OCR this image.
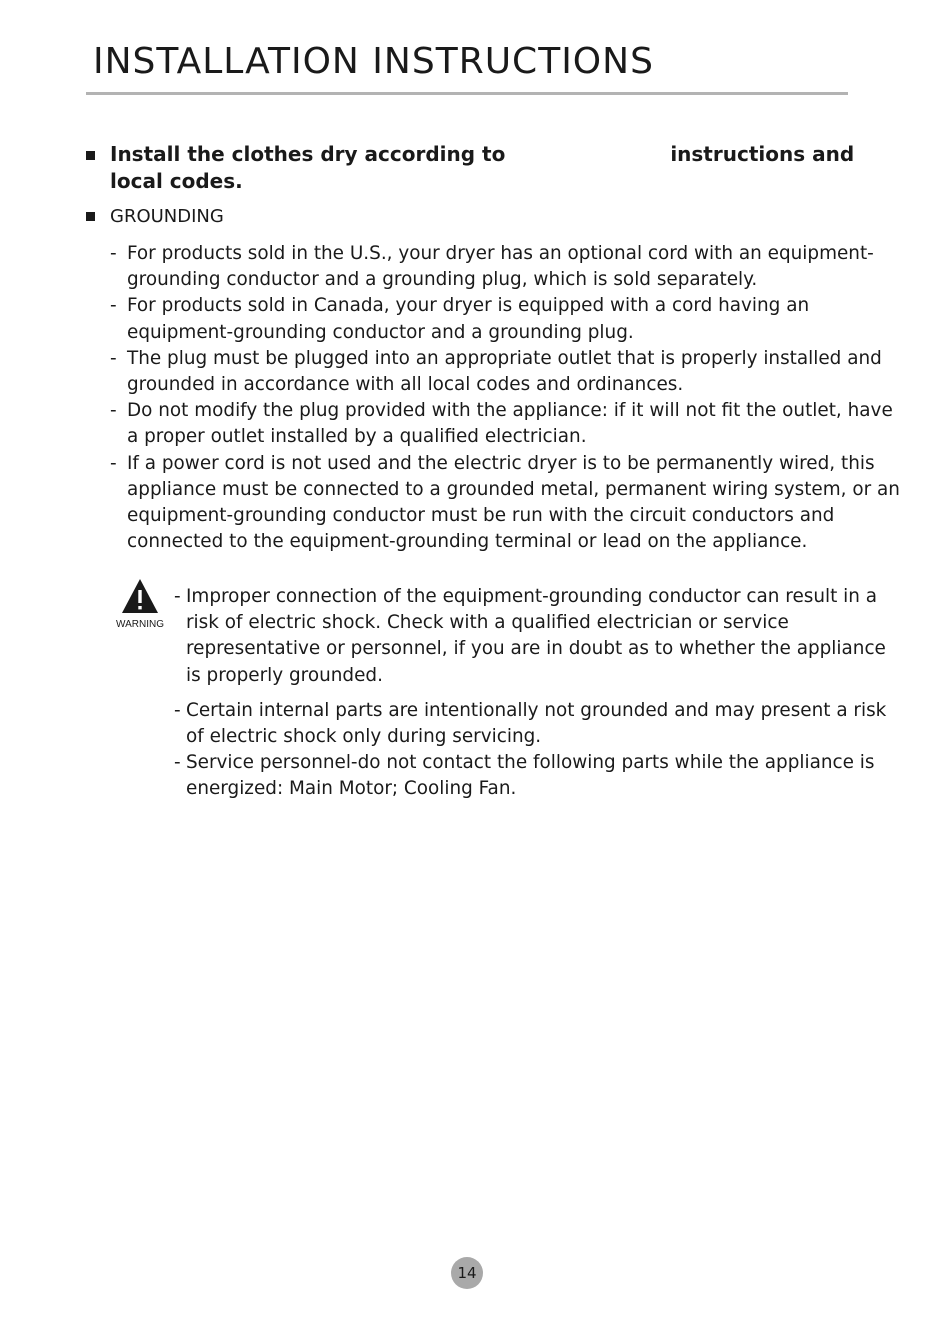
INSTALLATION INSTRUCTIONS
Install the clothes dry according to	instructions and local codes.
GROUNDING
- For products sold in the U.S., your dryer has an optional cord with an equipment-grounding conductor and a grounding plug, which is sold separately.
- For products sold in Canada, your dryer is equipped with a cord having an equipment-grounding conductor and a grounding plug.
- The plug must be plugged into an appropriate outlet that is properly installed and grounded in accordance with all local codes and ordinances.
- Do not modify the plug provided with the appliance: if it will not fit the outlet, have a proper outlet installed by a qualified electrician.
- If a power cord is not used and the electric dryer is to be permanently wired, this appliance must be connected to a grounded metal, permanent wiring system, or an equipment-grounding conductor must be run with the circuit conductors and connected to the equipment-grounding terminal or lead on the appliance.
WARNING
- Improper connection of the equipment-grounding conductor can result in a risk of electric shock. Check with a qualified electrician or service representative or personnel, if you are in doubt as to whether the appliance is properly grounded.
- Certain internal parts are intentionally not grounded and may present a risk of electric shock only during servicing.
- Service personnel-do not contact the following parts while the appliance is energized: Main Motor; Cooling Fan.
14
